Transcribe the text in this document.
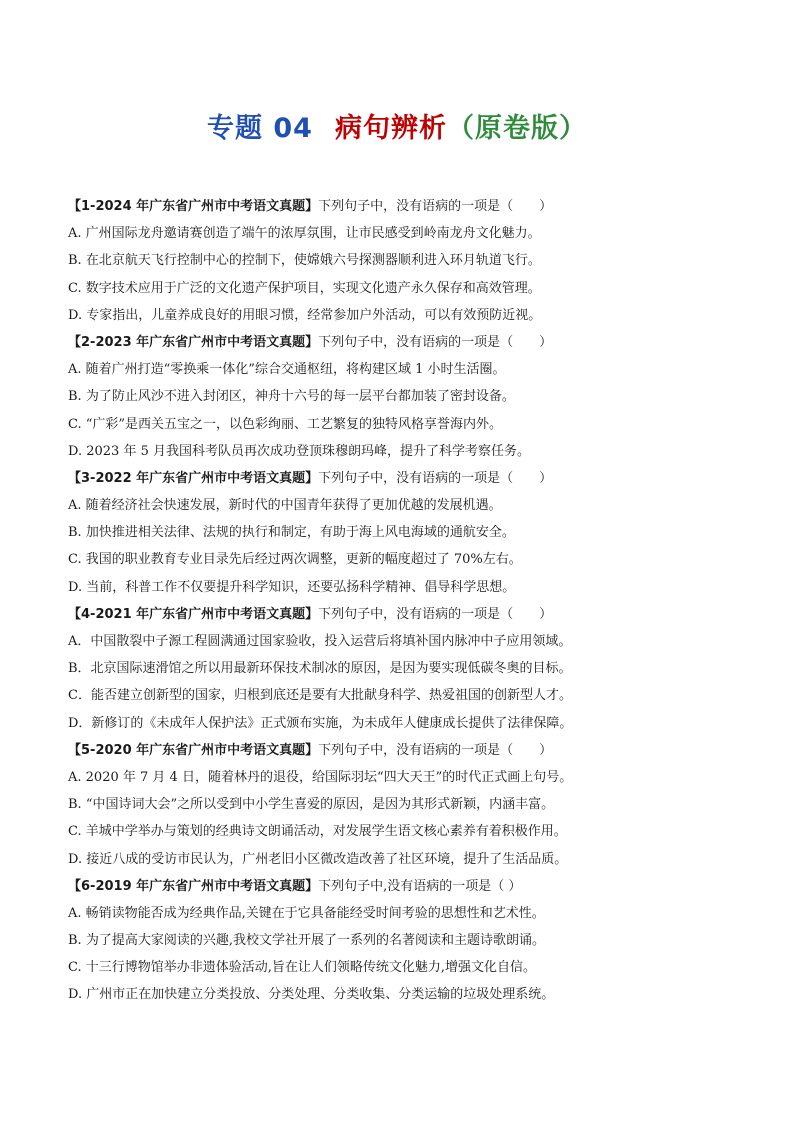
专题 04 病句辨析（原卷版）
【1-2024 年广东省广州市中考语文真题】下列句子中，没有语病的一项是（　　）
A. 广州国际龙舟邀请赛创造了端午的浓厚氛围，让市民感受到岭南龙舟文化魅力。
B. 在北京航天飞行控制中心的控制下，使嫦娥六号探测器顺利进入环月轨道飞行。
C. 数字技术应用于广泛的文化遗产保护项目，实现文化遗产永久保存和高效管理。
D. 专家指出，儿童养成良好的用眼习惯，经常参加户外活动，可以有效预防近视。
【2-2023 年广东省广州市中考语文真题】下列句子中，没有语病的一项是（　　）
A. 随着广州打造“零换乘一体化”综合交通枢纽，将构建区域 1 小时生活圈。
B. 为了防止风沙不进入封闭区，神舟十六号的每一层平台都加装了密封设备。
C. “广彩”是西关五宝之一，以色彩绚丽、工艺繁复的独特风格享誉海内外。
D. 2023 年 5 月我国科考队员再次成功登顶珠穆朗玛峰，提升了科学考察任务。
【3-2022 年广东省广州市中考语文真题】下列句子中，没有语病的一项是（　　）
A. 随着经济社会快速发展，新时代的中国青年获得了更加优越的发展机遇。
B. 加快推进相关法律、法规的执行和制定，有助于海上风电海域的通航安全。
C. 我国的职业教育专业目录先后经过两次调整，更新的幅度超过了 70%左右。
D. 当前，科普工作不仅要提升科学知识，还要弘扬科学精神、倡导科学思想。
【4-2021 年广东省广州市中考语文真题】下列句子中，没有语病的一项是（　　）
A．中国散裂中子源工程圆满通过国家验收，投入运营后将填补国内脉冲中子应用领域。
B．北京国际速滑馆之所以用最新环保技术制冰的原因，是因为要实现低碳冬奥的目标。
C．能否建立创新型的国家，归根到底还是要有大批献身科学、热爱祖国的创新型人才。
D．新修订的《未成年人保护法》正式颁布实施，为未成年人健康成长提供了法律保障。
【5-2020 年广东省广州市中考语文真题】下列句子中，没有语病的一项是（　　）
A. 2020 年 7 月 4 日，随着林丹的退役，给国际羽坛“四大天王”的时代正式画上句号。
B. “中国诗词大会”之所以受到中小学生喜爱的原因，是因为其形式新颖，内涵丰富。
C. 羊城中学举办与策划的经典诗文朗诵活动，对发展学生语文核心素养有着积极作用。
D. 接近八成的受访市民认为，广州老旧小区微改造改善了社区环境，提升了生活品质。
【6-2019 年广东省广州市中考语文真题】下列句子中,没有语病的一项是（ ）
A. 畅销读物能否成为经典作品,关键在于它具备能经受时间考验的思想性和艺术性。
B. 为了提高大家阅读的兴趣,我校文学社开展了一系列的名著阅读和主题诗歌朗诵。
C. 十三行博物馆举办非遗体验活动,旨在让人们领略传统文化魅力,增强文化自信。
D. 广州市正在加快建立分类投放、分类处理、分类收集、分类运输的垃圾处理系统。
